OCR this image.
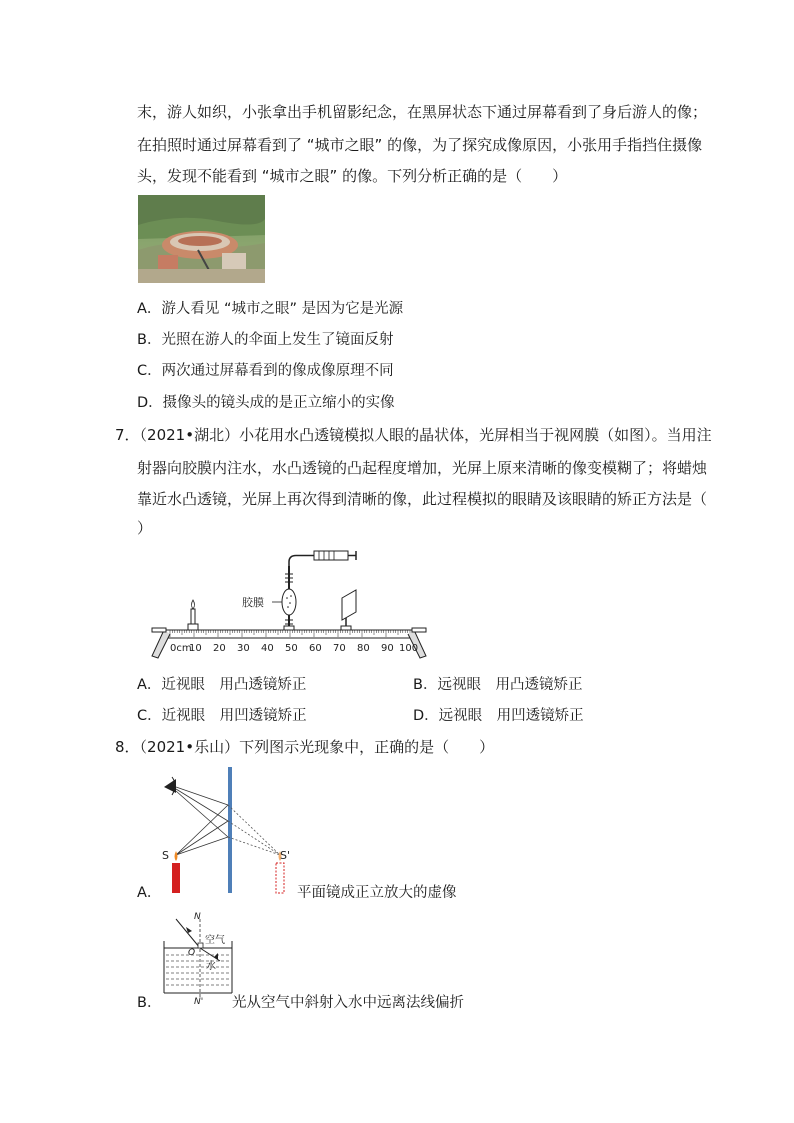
末，游人如织，小张拿出手机留影纪念，在黑屏状态下通过屏幕看到了身后游人的像；
在拍照时通过屏幕看到了 “城市之眼” 的像，为了探究成像原因，小张用手指挡住摄像
头，发现不能看到 “城市之眼” 的像。下列分析正确的是（　　）
A．游人看见 “城市之眼” 是因为它是光源
B．光照在游人的伞面上发生了镜面反射
C．两次通过屏幕看到的像成像原理不同
D．摄像头的镜头成的是正立缩小的实像
7．（2021•湖北）小花用水凸透镜模拟人眼的晶状体，光屏相当于视网膜（如图）。当用注
射器向胶膜内注水，水凸透镜的凸起程度增加，光屏上原来清晰的像变模糊了；将蜡烛
靠近水凸透镜，光屏上再次得到清晰的像，此过程模拟的眼睛及该眼睛的矫正方法是（
）
胶膜
0cm
10 20 30 40 50 60 70 80 90 100
A．近视眼　用凸透镜矫正	B．远视眼　用凸透镜矫正
C．近视眼　用凹透镜矫正	D．远视眼　用凹透镜矫正
8．（2021•乐山）下列图示光现象中，正确的是（　　）
S	S'
A．	平面镜成正立放大的虚像
N
O
空气
水
N'
B．	光从空气中斜射入水中远离法线偏折
